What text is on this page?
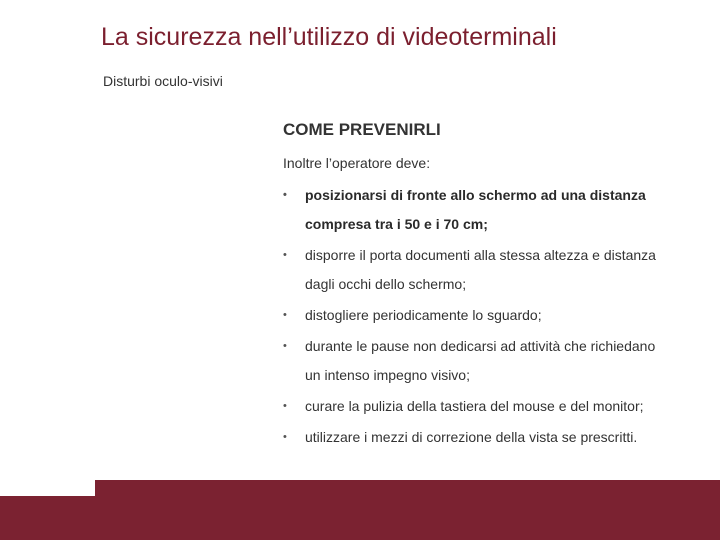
La sicurezza nell’utilizzo di videoterminali
Disturbi oculo-visivi
COME PREVENIRLI
Inoltre l’operatore deve:
• posizionarsi di fronte allo schermo ad una distanza
compresa tra i 50 e i 70 cm;
• disporre il porta documenti alla stessa altezza e distanza
dagli occhi dello schermo;
• distogliere periodicamente lo sguardo;
• durante le pause non dedicarsi ad attività che richiedano
un intenso impegno visivo;
• curare la pulizia della tastiera del mouse e del monitor;
• utilizzare i mezzi di correzione della vista se prescritti.
